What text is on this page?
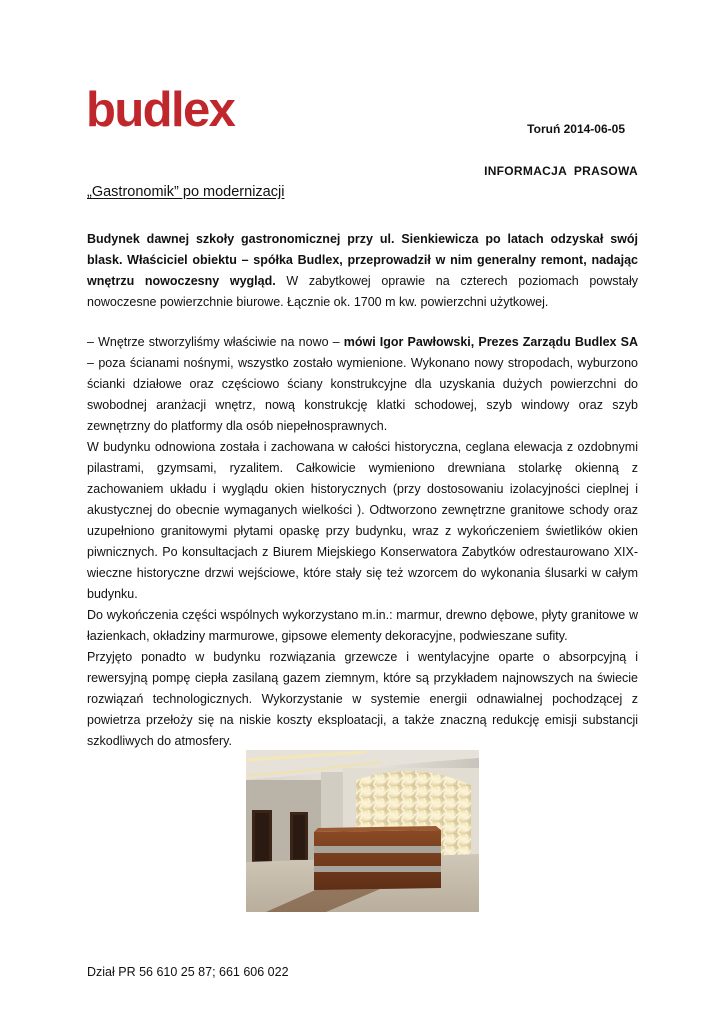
budlex	Toruń 2014-06-05
INFORMACJA  PRASOWA
„Gastronomik” po modernizacji

Budynek dawnej szkoły gastronomicznej przy ul. Sienkiewicza po latach odzyskał swój blask. Właściciel obiektu – spółka Budlex, przeprowadził w nim generalny remont, nadając wnętrzu nowoczesny wygląd. W zabytkowej oprawie na czterech poziomach powstały nowoczesne powierzchnie biurowe. Łącznie ok. 1700 m kw. powierzchni użytkowej.

– Wnętrze stworzyliśmy właściwie na nowo – mówi Igor Pawłowski, Prezes Zarządu Budlex SA – poza ścianami nośnymi, wszystko zostało wymienione. Wykonano nowy stropodach, wyburzono ścianki działowe oraz częściowo ściany konstrukcyjne dla uzyskania dużych powierzchni do swobodnej aranżacji wnętrz, nową konstrukcję klatki schodowej, szyb windowy oraz szyb zewnętrzny do platformy dla osób niepełnosprawnych.

W budynku odnowiona została i zachowana w całości historyczna, ceglana elewacja z ozdobnymi pilastrami, gzymsami, ryzalitem. Całkowicie wymieniono drewniana stolarkę okienną z zachowaniem układu i wyglądu okien historycznych (przy dostosowaniu izolacyjności cieplnej i akustycznej do obecnie wymaganych wielkości ). Odtworzono zewnętrzne granitowe schody oraz uzupełniono granitowymi płytami opaskę przy budynku, wraz z wykończeniem świetlików okien piwnicznych. Po konsultacjach z Biurem Miejskiego Konserwatora Zabytków odrestaurowano XIX- wieczne historyczne drzwi wejściowe, które stały się też wzorcem do wykonania ślusarki w całym budynku.

Do wykończenia części wspólnych wykorzystano m.in.: marmur, drewno dębowe, płyty granitowe w łazienkach, okładziny marmurowe, gipsowe elementy dekoracyjne, podwieszane sufity.

Przyjęto ponadto w budynku rozwiązania grzewcze i wentylacyjne oparte o absorpcyjną i rewersyjną pompę ciepła zasilaną gazem ziemnym, które są przykładem najnowszych na świecie rozwiązań technologicznych. Wykorzystanie w systemie energii odnawialnej pochodzącej z powietrza przełoży się na niskie koszty eksploatacji, a także znaczną redukcję emisji substancji szkodliwych do atmosfery.

Dział PR 56 610 25 87; 661 606 022
